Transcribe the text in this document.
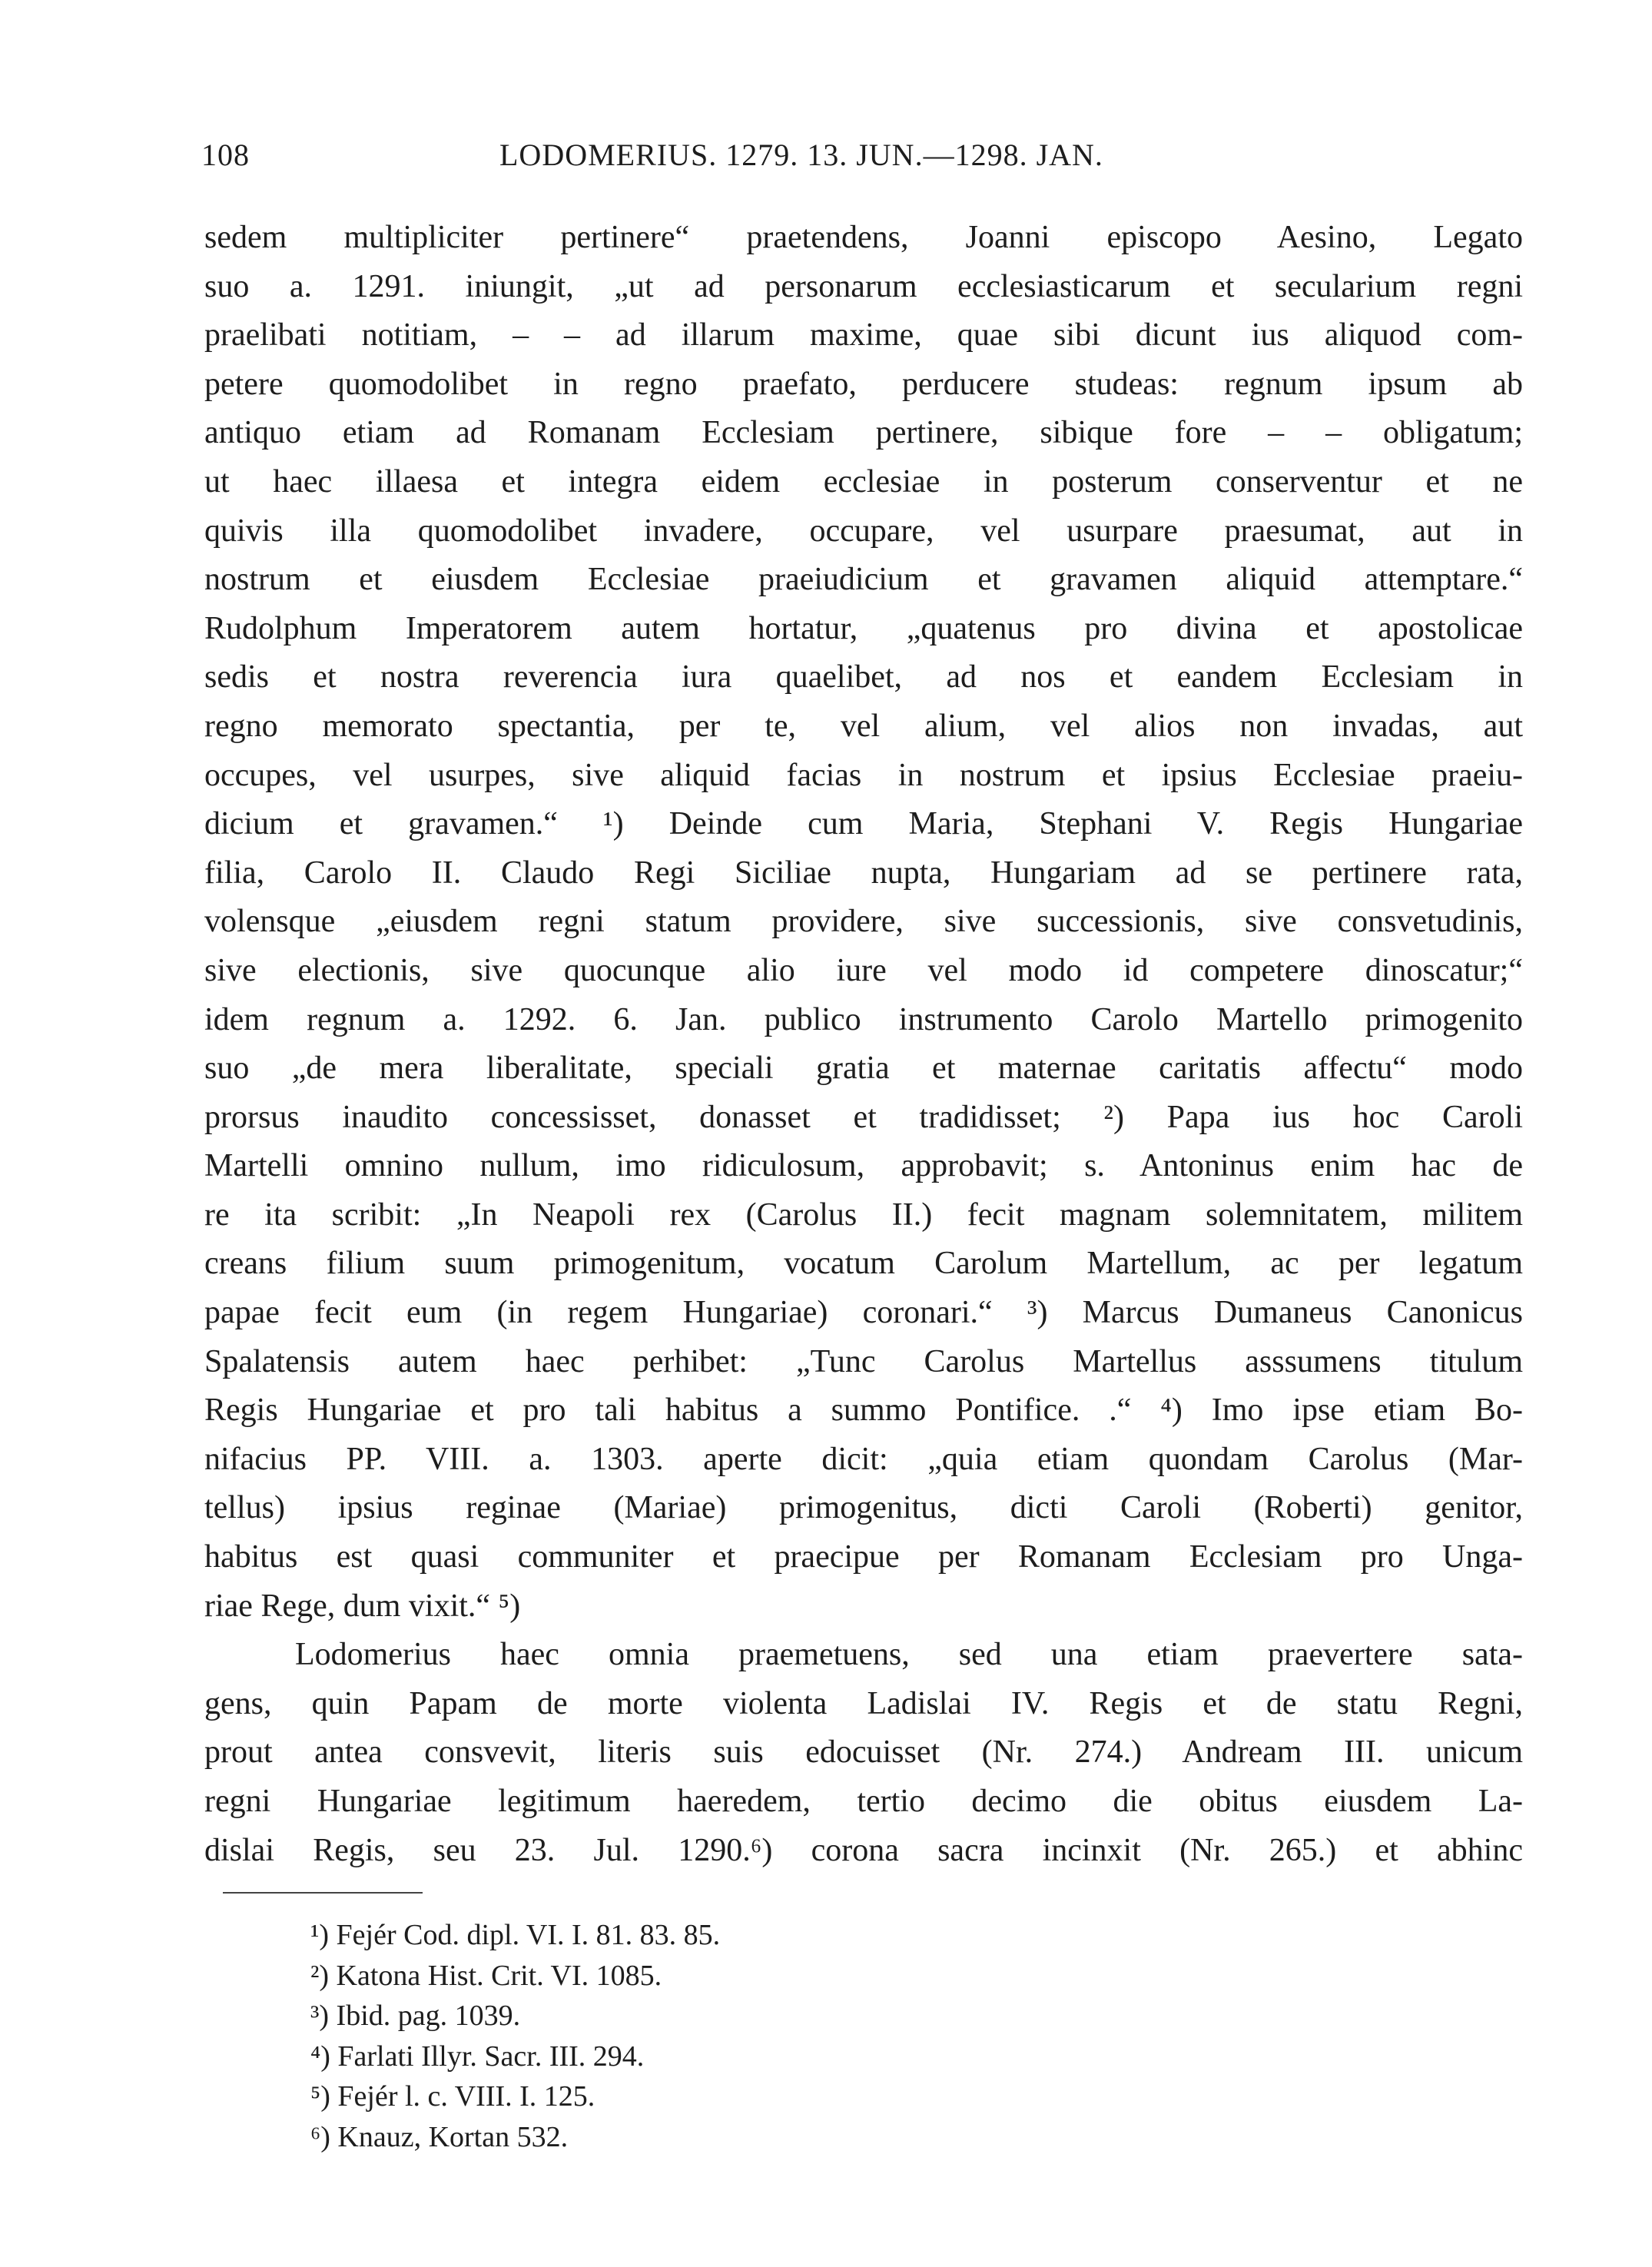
108	LODOMERIUS. 1279. 13. JUN.—1298. JAN.
sedem multipliciter pertinere“ praetendens, Joanni episcopo Aesino, Legato
suo a. 1291. iniungit, „ut ad personarum ecclesiasticarum et secularium regni
praelibati notitiam, – – ad illarum maxime, quae sibi dicunt ius aliquod com-
petere quomodolibet in regno praefato, perducere studeas: regnum ipsum ab
antiquo etiam ad Romanam Ecclesiam pertinere, sibique fore – – obligatum;
ut haec illaesa et integra eidem ecclesiae in posterum conserventur et ne
quivis illa quomodolibet invadere, occupare, vel usurpare praesumat, aut in
nostrum et eiusdem Ecclesiae praeiudicium et gravamen aliquid attemptare.“
Rudolphum Imperatorem autem hortatur, „quatenus pro divina et apostolicae
sedis et nostra reverencia iura quaelibet, ad nos et eandem Ecclesiam in
regno memorato spectantia, per te, vel alium, vel alios non invadas, aut
occupes, vel usurpes, sive aliquid facias in nostrum et ipsius Ecclesiae praeiu-
dicium et gravamen.“ ¹) Deinde cum Maria, Stephani V. Regis Hungariae
filia, Carolo II. Claudo Regi Siciliae nupta, Hungariam ad se pertinere rata,
volensque „eiusdem regni statum providere, sive successionis, sive consvetudinis,
sive electionis, sive quocunque alio iure vel modo id competere dinoscatur;“
idem regnum a. 1292. 6. Jan. publico instrumento Carolo Martello primogenito
suo „de mera liberalitate, speciali gratia et maternae caritatis affectu“ modo
prorsus inaudito concessisset, donasset et tradidisset; ²) Papa ius hoc Caroli
Martelli omnino nullum, imo ridiculosum, approbavit; s. Antoninus enim hac de
re ita scribit: „In Neapoli rex (Carolus II.) fecit magnam solemnitatem, militem
creans filium suum primogenitum, vocatum Carolum Martellum, ac per legatum
papae fecit eum (in regem Hungariae) coronari.“ ³) Marcus Dumaneus Canonicus
Spalatensis autem haec perhibet: „Tunc Carolus Martellus asssumens titulum
Regis Hungariae et pro tali habitus a summo Pontifice. .“ ⁴) Imo ipse etiam Bo-
nifacius PP. VIII. a. 1303. aperte dicit: „quia etiam quondam Carolus (Mar-
tellus) ipsius reginae (Mariae) primogenitus, dicti Caroli (Roberti) genitor,
habitus est quasi communiter et praecipue per Romanam Ecclesiam pro Unga-
riae Rege, dum vixit.“ ⁵)
Lodomerius haec omnia praemetuens, sed una etiam praevertere sata-
gens, quin Papam de morte violenta Ladislai IV. Regis et de statu Regni,
prout antea consvevit, literis suis edocuisset (Nr. 274.) Andream III. unicum
regni Hungariae legitimum haeredem, tertio decimo die obitus eiusdem La-
dislai Regis, seu 23. Jul. 1290.⁶) corona sacra incinxit (Nr. 265.) et abhinc
¹) Fejér Cod. dipl. VI. I. 81. 83. 85.
²) Katona Hist. Crit. VI. 1085.
³) Ibid. pag. 1039.
⁴) Farlati Illyr. Sacr. III. 294.
⁵) Fejér l. c. VIII. I. 125.
⁶) Knauz, Kortan 532.
